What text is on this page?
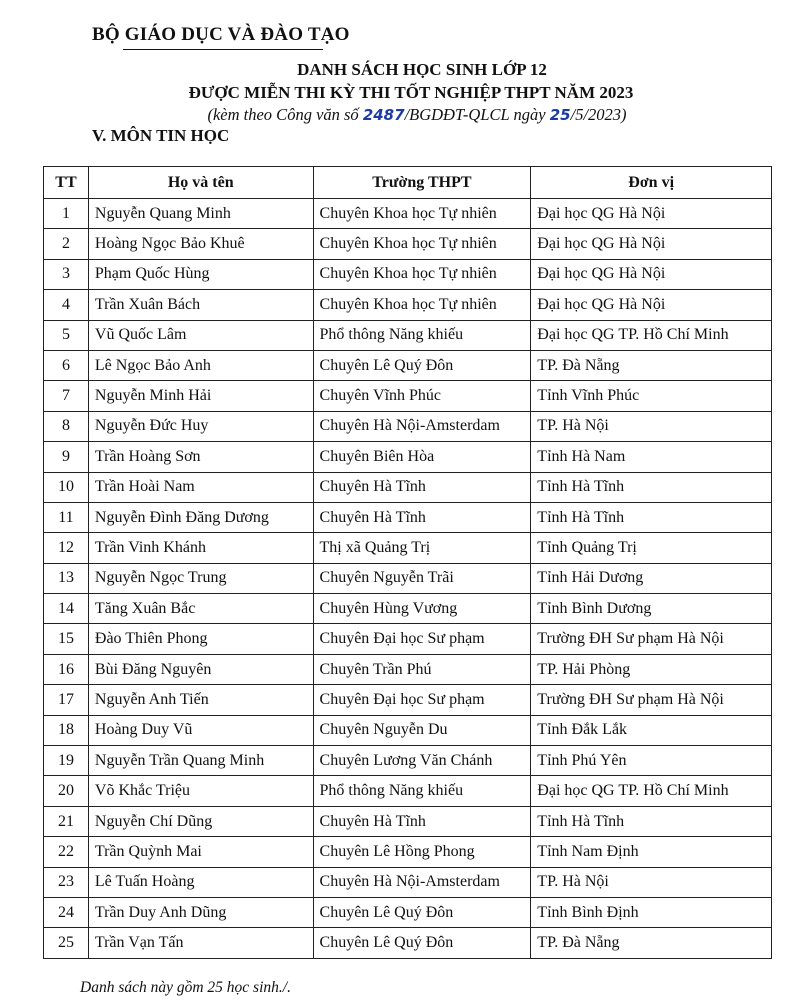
BỘ GIÁO DỤC VÀ ĐÀO TẠO
DANH SÁCH HỌC SINH LỚP 12
ĐƯỢC MIỄN THI KỲ THI TỐT NGHIỆP THPT NĂM 2023
(kèm theo Công văn số 2487/BGDĐT-QLCL ngày 25/5/2023)
V. MÔN TIN HỌC
TT	Họ và tên	Trường THPT	Đơn vị
1	Nguyễn Quang Minh	Chuyên Khoa học Tự nhiên	Đại học QG Hà Nội
2	Hoàng Ngọc Bảo Khuê	Chuyên Khoa học Tự nhiên	Đại học QG Hà Nội
3	Phạm Quốc Hùng	Chuyên Khoa học Tự nhiên	Đại học QG Hà Nội
4	Trần Xuân Bách	Chuyên Khoa học Tự nhiên	Đại học QG Hà Nội
5	Vũ Quốc Lâm	Phổ thông Năng khiếu	Đại học QG TP. Hồ Chí Minh
6	Lê Ngọc Bảo Anh	Chuyên Lê Quý Đôn	TP. Đà Nẵng
7	Nguyễn Minh Hải	Chuyên Vĩnh Phúc	Tỉnh Vĩnh Phúc
8	Nguyễn Đức Huy	Chuyên Hà Nội-Amsterdam	TP. Hà Nội
9	Trần Hoàng Sơn	Chuyên Biên Hòa	Tỉnh Hà Nam
10	Trần Hoài Nam	Chuyên Hà Tĩnh	Tỉnh Hà Tĩnh
11	Nguyễn Đình Đăng Dương	Chuyên Hà Tĩnh	Tỉnh Hà Tĩnh
12	Trần Vinh Khánh	Thị xã Quảng Trị	Tỉnh Quảng Trị
13	Nguyễn Ngọc Trung	Chuyên Nguyễn Trãi	Tỉnh Hải Dương
14	Tăng Xuân Bắc	Chuyên Hùng Vương	Tỉnh Bình Dương
15	Đào Thiên Phong	Chuyên Đại học Sư phạm	Trường ĐH Sư phạm Hà Nội
16	Bùi Đăng Nguyên	Chuyên Trần Phú	TP. Hải Phòng
17	Nguyễn Anh Tiến	Chuyên Đại học Sư phạm	Trường ĐH Sư phạm Hà Nội
18	Hoàng Duy Vũ	Chuyên Nguyễn Du	Tỉnh Đắk Lắk
19	Nguyễn Trần Quang Minh	Chuyên Lương Văn Chánh	Tỉnh Phú Yên
20	Võ Khắc Triệu	Phổ thông Năng khiếu	Đại học QG TP. Hồ Chí Minh
21	Nguyễn Chí Dũng	Chuyên Hà Tĩnh	Tỉnh Hà Tĩnh
22	Trần Quỳnh Mai	Chuyên Lê Hồng Phong	Tỉnh Nam Định
23	Lê Tuấn Hoàng	Chuyên Hà Nội-Amsterdam	TP. Hà Nội
24	Trần Duy Anh Dũng	Chuyên Lê Quý Đôn	Tỉnh Bình Định
25	Trần Vạn Tấn	Chuyên Lê Quý Đôn	TP. Đà Nẵng
Danh sách này gồm 25 học sinh./.
